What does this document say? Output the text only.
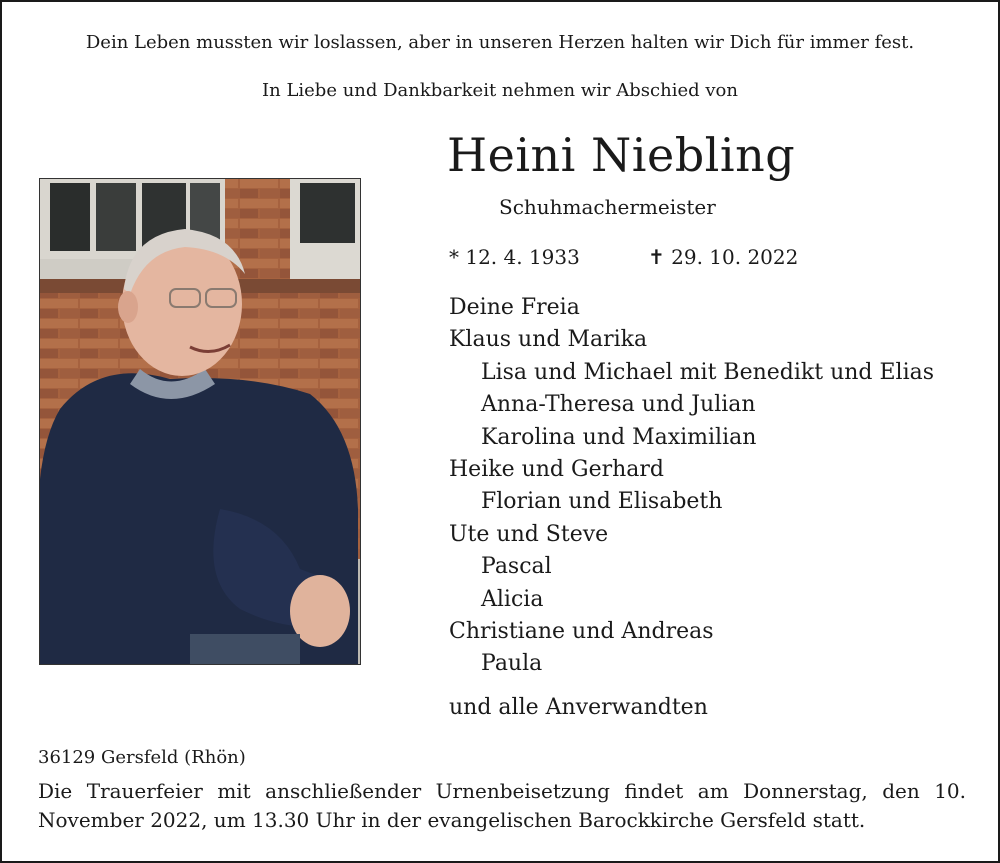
Dein Leben mussten wir loslassen, aber in unseren Herzen halten wir Dich für immer fest.
In Liebe und Dankbarkeit nehmen wir Abschied von
Heini Niebling
Schuhmachermeister
* 12. 4. 1933	✝ 29. 10. 2022
Deine Freia
Klaus und Marika
Lisa und Michael mit Benedikt und Elias
Anna-Theresa und Julian
Karolina und Maximilian
Heike und Gerhard
Florian und Elisabeth
Ute und Steve
Pascal
Alicia
Christiane und Andreas
Paula
und alle Anverwandten
36129 Gersfeld (Rhön)
Die Trauerfeier mit anschließender Urnenbeisetzung findet am Donnerstag, den 10. November 2022, um 13.30 Uhr in der evangelischen Barockkirche Gersfeld statt.
